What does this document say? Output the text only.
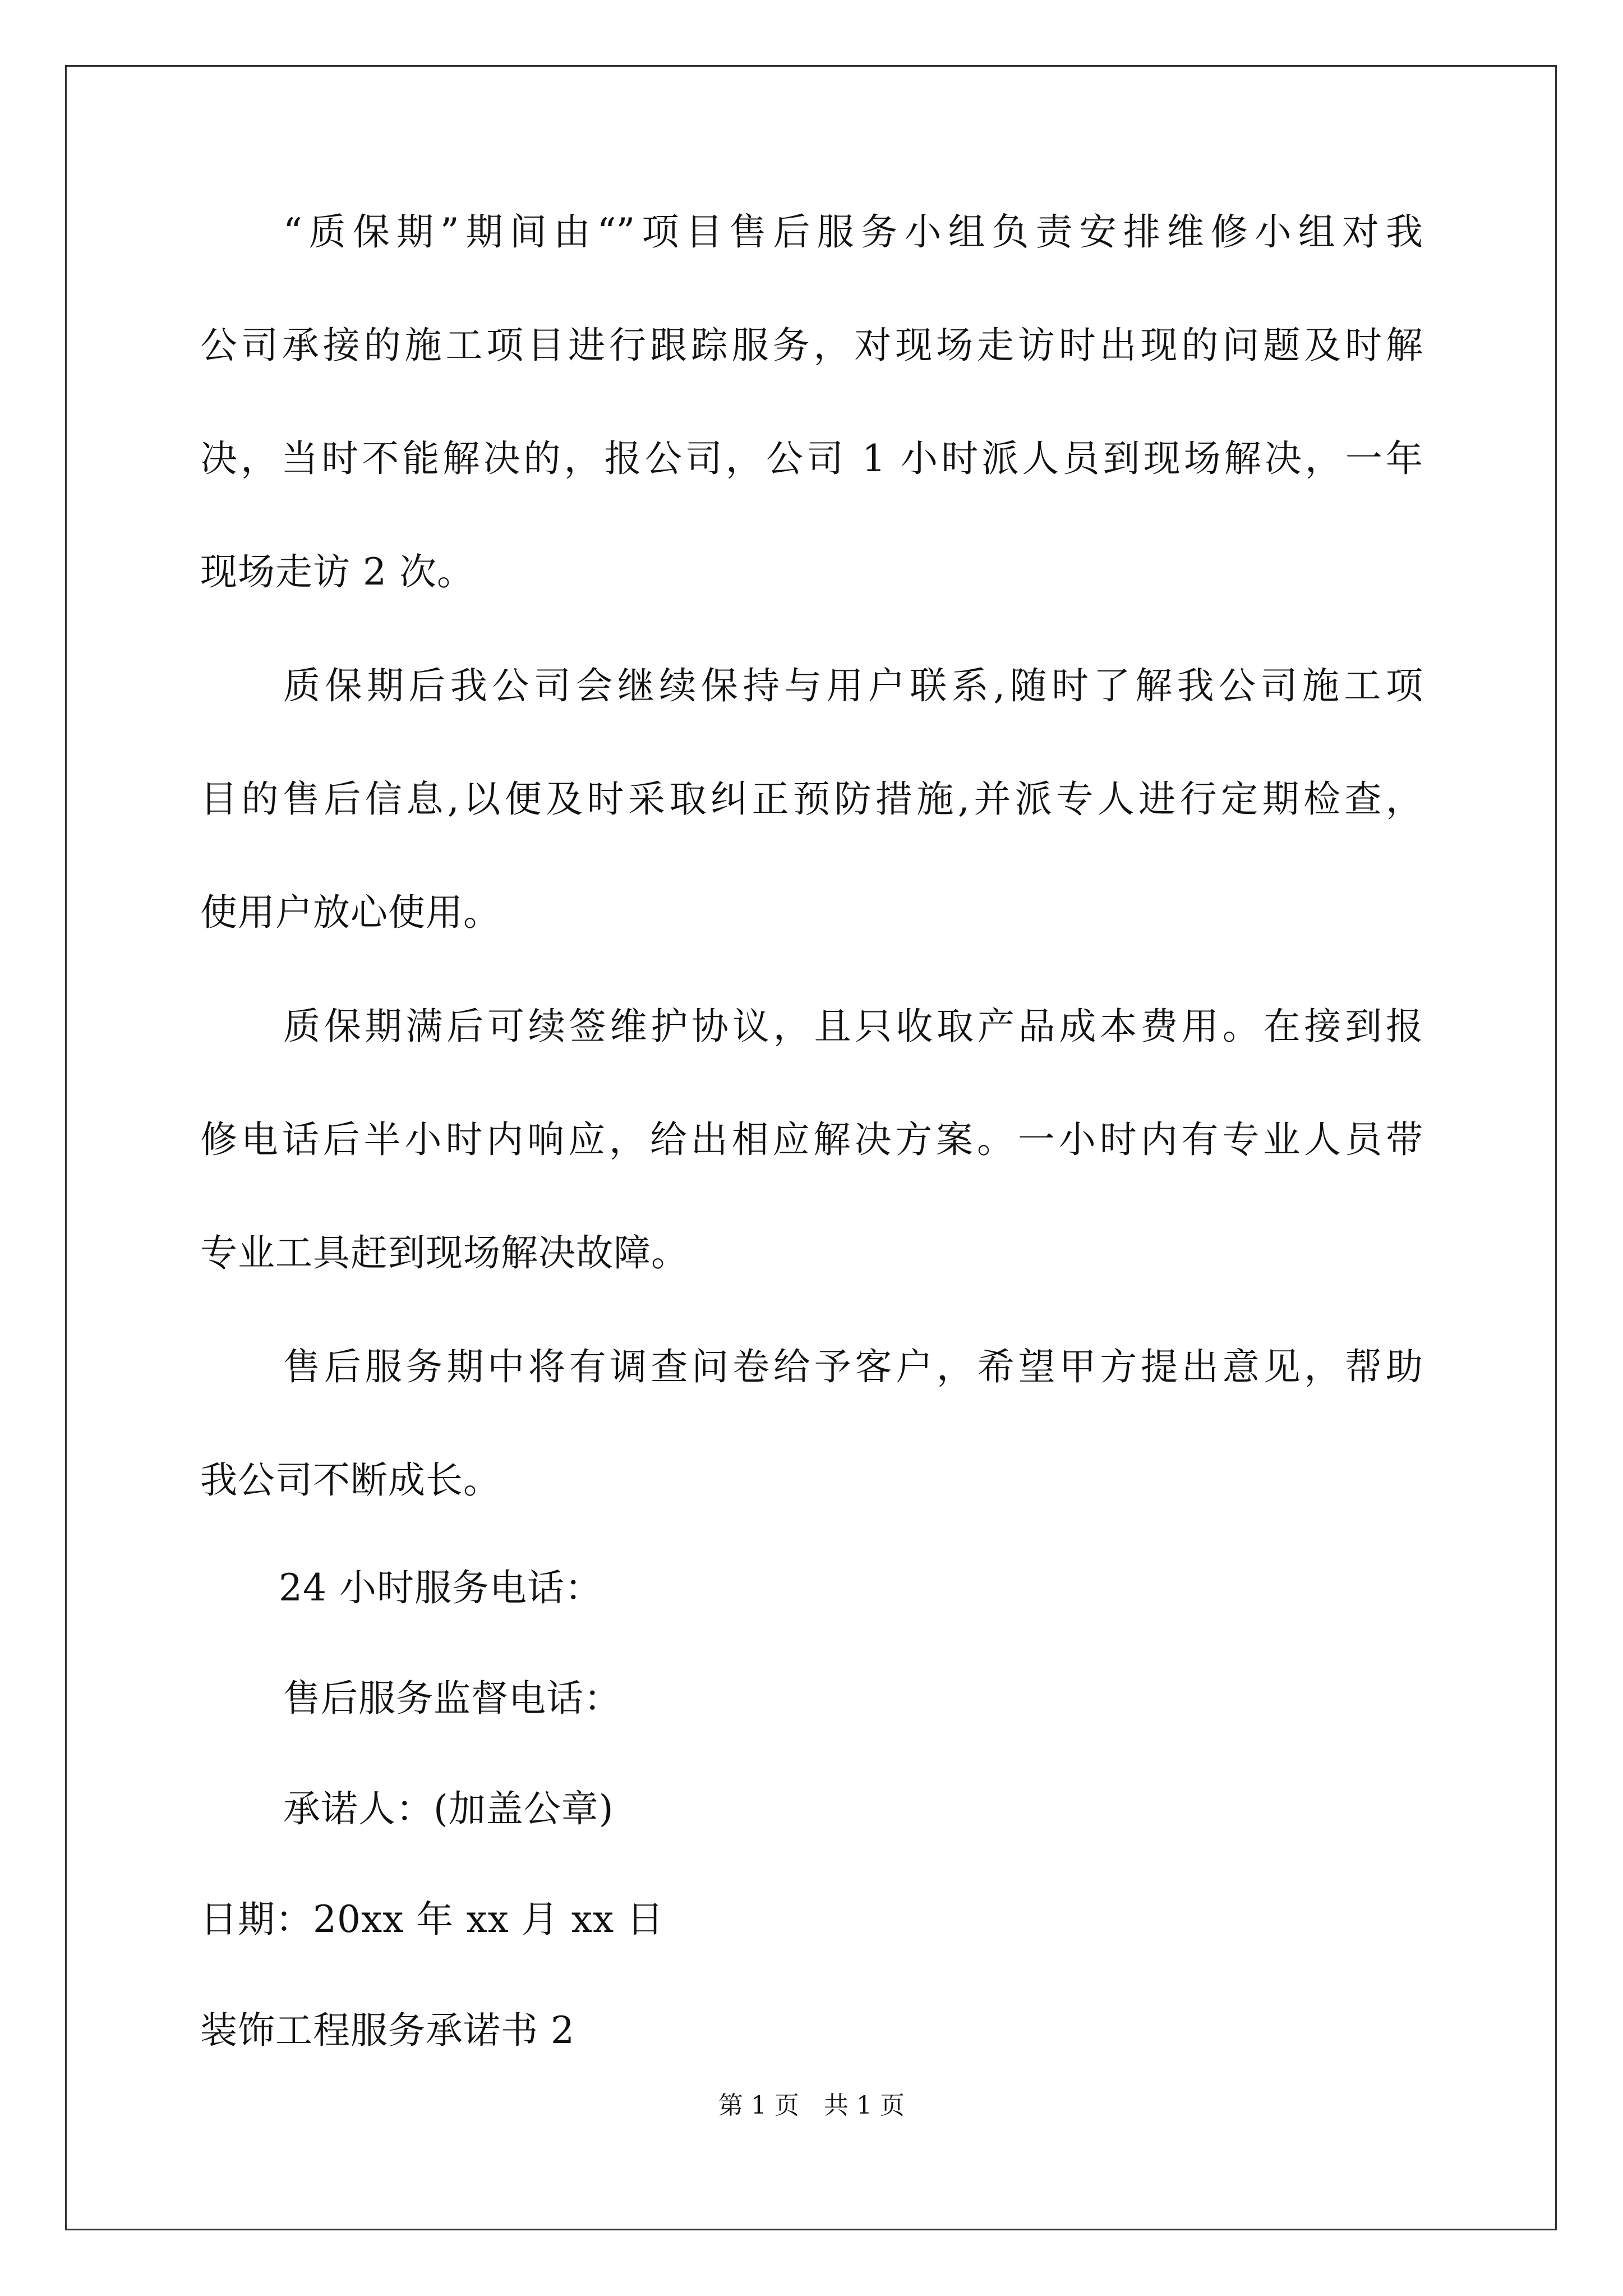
“质保期”期间由“”项目售后服务小组负责安排维修小组对我
公司承接的施工项目进行跟踪服务，对现场走访时出现的问题及时解
决，当时不能解决的，报公司，公司 1 小时派人员到现场解决，一年
现场走访 2 次。
质保期后我公司会继续保持与用户联系,随时了解我公司施工项
目的售后信息,以便及时采取纠正预防措施,并派专人进行定期检查，
使用户放心使用。
质保期满后可续签维护协议，且只收取产品成本费用。在接到报
修电话后半小时内响应，给出相应解决方案。一小时内有专业人员带
专业工具赶到现场解决故障。
售后服务期中将有调查问卷给予客户，希望甲方提出意见，帮助
我公司不断成长。
24 小时服务电话：
售后服务监督电话：
承诺人：(加盖公章)
日期：20xx 年 xx 月 xx 日
装饰工程服务承诺书 2
第 1 页　共 1 页
